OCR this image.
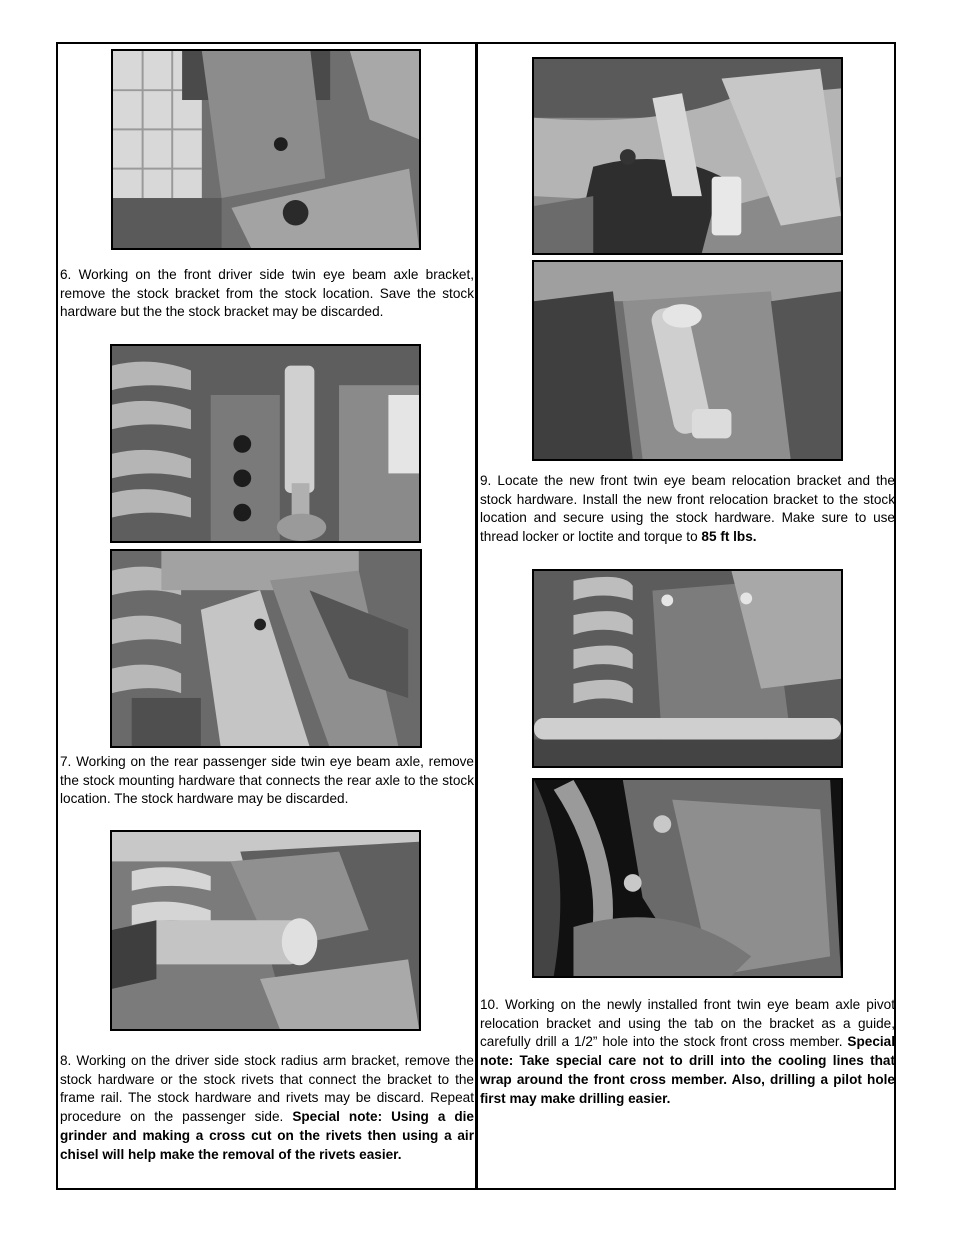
6. Working on the front driver side twin eye beam axle bracket, remove the stock bracket from the stock location. Save the stock hardware but the the stock bracket may be discarded.

7. Working on the rear passenger side twin eye beam axle, remove the stock mounting hardware that connects the rear axle to the stock location. The stock hardware may be discarded.

8. Working on the driver side stock radius arm bracket, remove the stock hardware or the stock rivets that connect the bracket to the frame rail. The stock hardware and rivets may be discard. Repeat procedure on the passenger side. Special note: Using a die grinder and making a cross cut on the rivets then using a air chisel will help make the removal of the rivets easier.

9. Locate the new front twin eye beam relocation bracket and the stock hardware. Install the new front relocation bracket to the stock location and secure using the stock hardware. Make sure to use thread locker or loctite and torque to 85 ft lbs.

10. Working on the newly installed front twin eye beam axle pivot relocation bracket and using the tab on the bracket as a guide, carefully drill a 1/2” hole into the stock front cross member. Special note: Take special care not to drill into the cooling lines that wrap around the front cross member. Also, drilling a pilot hole first may make drilling easier.
